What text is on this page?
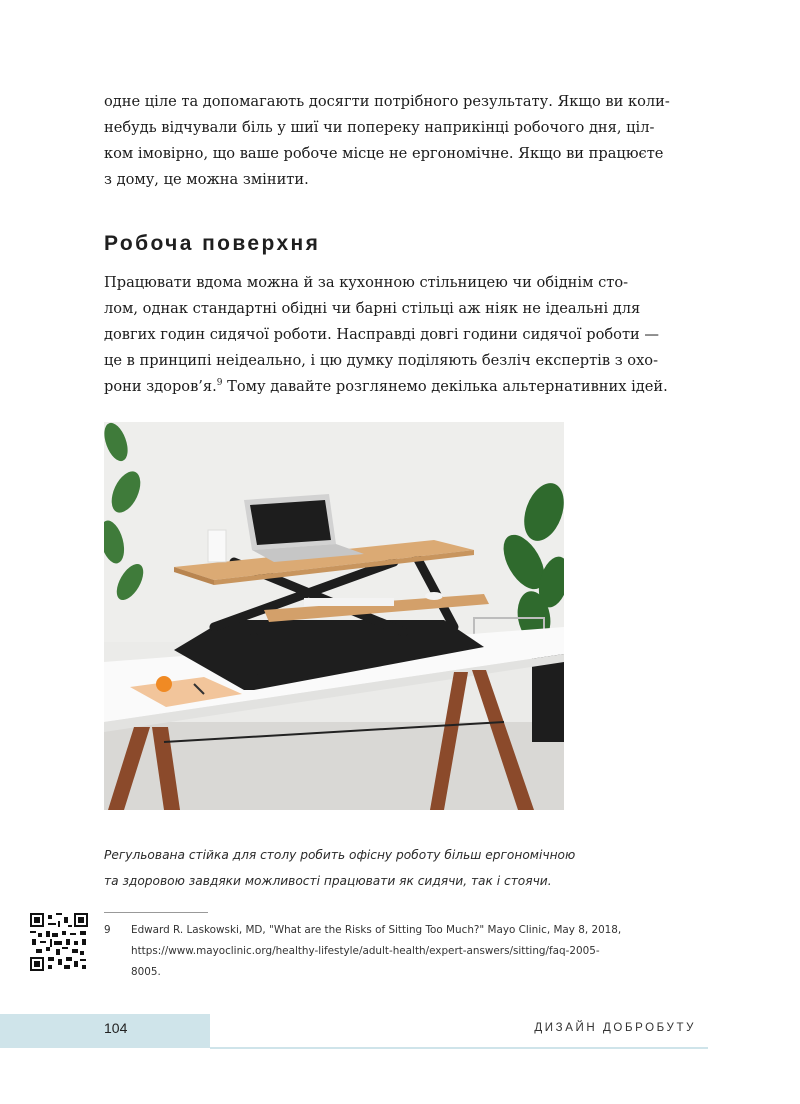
одне ціле та допомагають досягти потрібного результату. Якщо ви коли-
небудь відчували біль у шиї чи попереку наприкінці робочого дня, цiл-
ком імовірно, що ваше робоче місце не ергономічне. Якщо ви працюєте
з дому, це можна змінити.

Робоча поверхня

Працювати вдома можна й за кухонною стільницею чи обіднім сто-
лом, однак стандартні обідні чи барні стільці аж ніяк не ідеальні для
довгих годин сидячої роботи. Насправді довгі години сидячої роботи —
це в принципі неідеально, і цю думку поділяють безліч експертів з охо-
рони здоров’я.$^9$ Тому давайте розглянемо декілька альтернативних ідей.

Регульована стійка для столу робить офісну роботу більш ергономічною
та здоровою завдяки можливості працювати як сидячи, так і стоячи.

9 Edward R. Laskowski, MD, "What are the Risks of Sitting Too Much?" Mayo Clinic, May 8, 2018,
https://www.mayoclinic.org/healthy-lifestyle/adult-health/expert-answers/sitting/faq-2005-
8005.

104	ДИЗАЙН ДОБРОБУТУ
